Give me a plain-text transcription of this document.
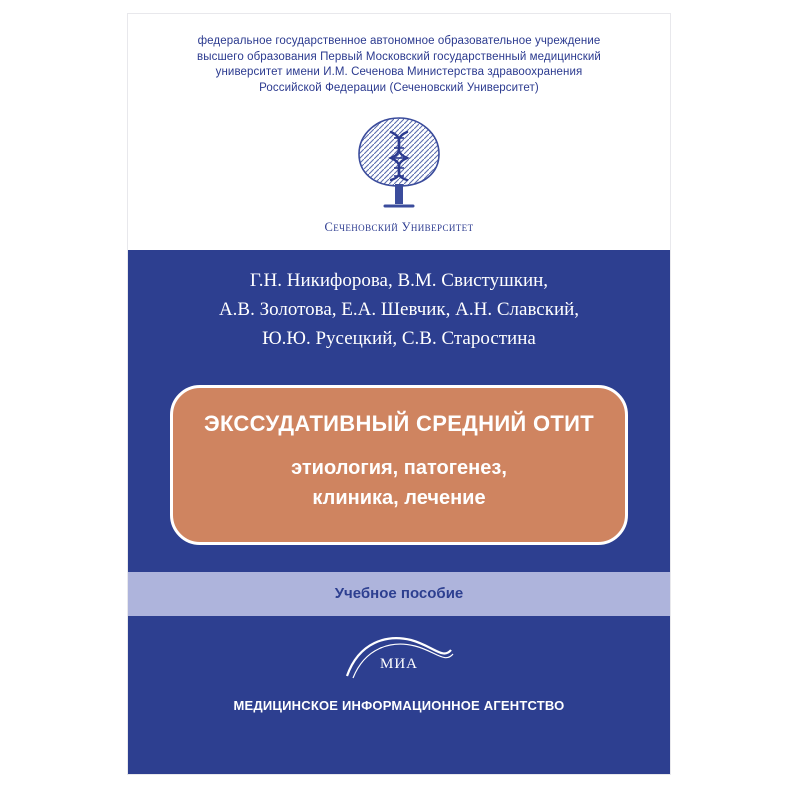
федеральное государственное автономное образовательное учреждение
высшего образования Первый Московский государственный медицинский
университет имени И.М. Сеченова Министерства здравоохранения
Российской Федерации (Сеченовский Университет)
Сеченовский Университет
Г.Н. Никифорова, В.М. Свистушкин,
А.В. Золотова, Е.А. Шевчик, А.Н. Славский,
Ю.Ю. Русецкий, С.В. Старостина
ЭКССУДАТИВНЫЙ СРЕДНИЙ ОТИТ
этиология, патогенез,
клиника, лечение
Учебное пособие
МИА
МЕДИЦИНСКОЕ ИНФОРМАЦИОННОЕ АГЕНТСТВО
